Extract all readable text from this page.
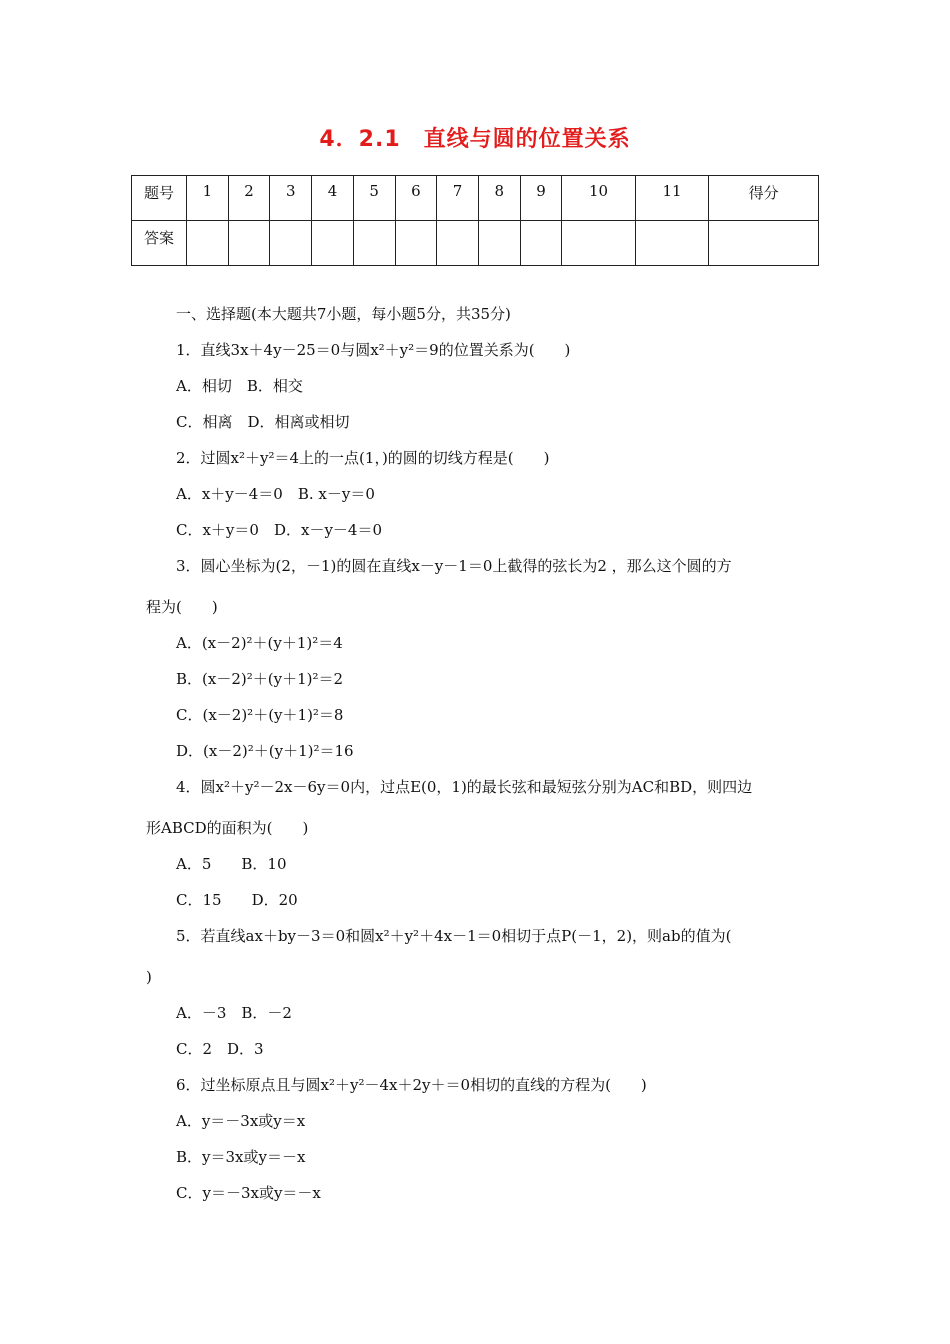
4．2.1　直线与圆的位置关系
题号	1	2	3	4	5	6	7	8	9	10	11	得分
答案												
一、选择题(本大题共7小题，每小题5分，共35分)
1．直线3x＋4y－25＝0与圆x²＋y²＝9的位置关系为(　　)
A．相切　B．相交
C．相离　D．相离或相切
2．过圆x²＋y²＝4上的一点(1，)的圆的切线方程是(　　)
A．x＋y－4＝0　B. x－y＝0
C．x＋y＝0　D．x－y－4＝0
3．圆心坐标为(2，－1)的圆在直线x－y－1＝0上截得的弦长为2 ，那么这个圆的方
程为(　　)
A．(x－2)²＋(y＋1)²＝4
B．(x－2)²＋(y＋1)²＝2
C．(x－2)²＋(y＋1)²＝8
D．(x－2)²＋(y＋1)²＝16
4．圆x²＋y²－2x－6y＝0内，过点E(0，1)的最长弦和最短弦分别为AC和BD，则四边
形ABCD的面积为(　　)
A．5　　B．10
C．15　　D．20
5．若直线ax＋by－3＝0和圆x²＋y²＋4x－1＝0相切于点P(－1，2)，则ab的值为(
)
A．－3　B．－2
C．2　D．3
6．过坐标原点且与圆x²＋y²－4x＋2y＋＝0相切的直线的方程为(　　)
A．y＝－3x或y＝x
B．y＝3x或y＝－x
C．y＝－3x或y＝－x
